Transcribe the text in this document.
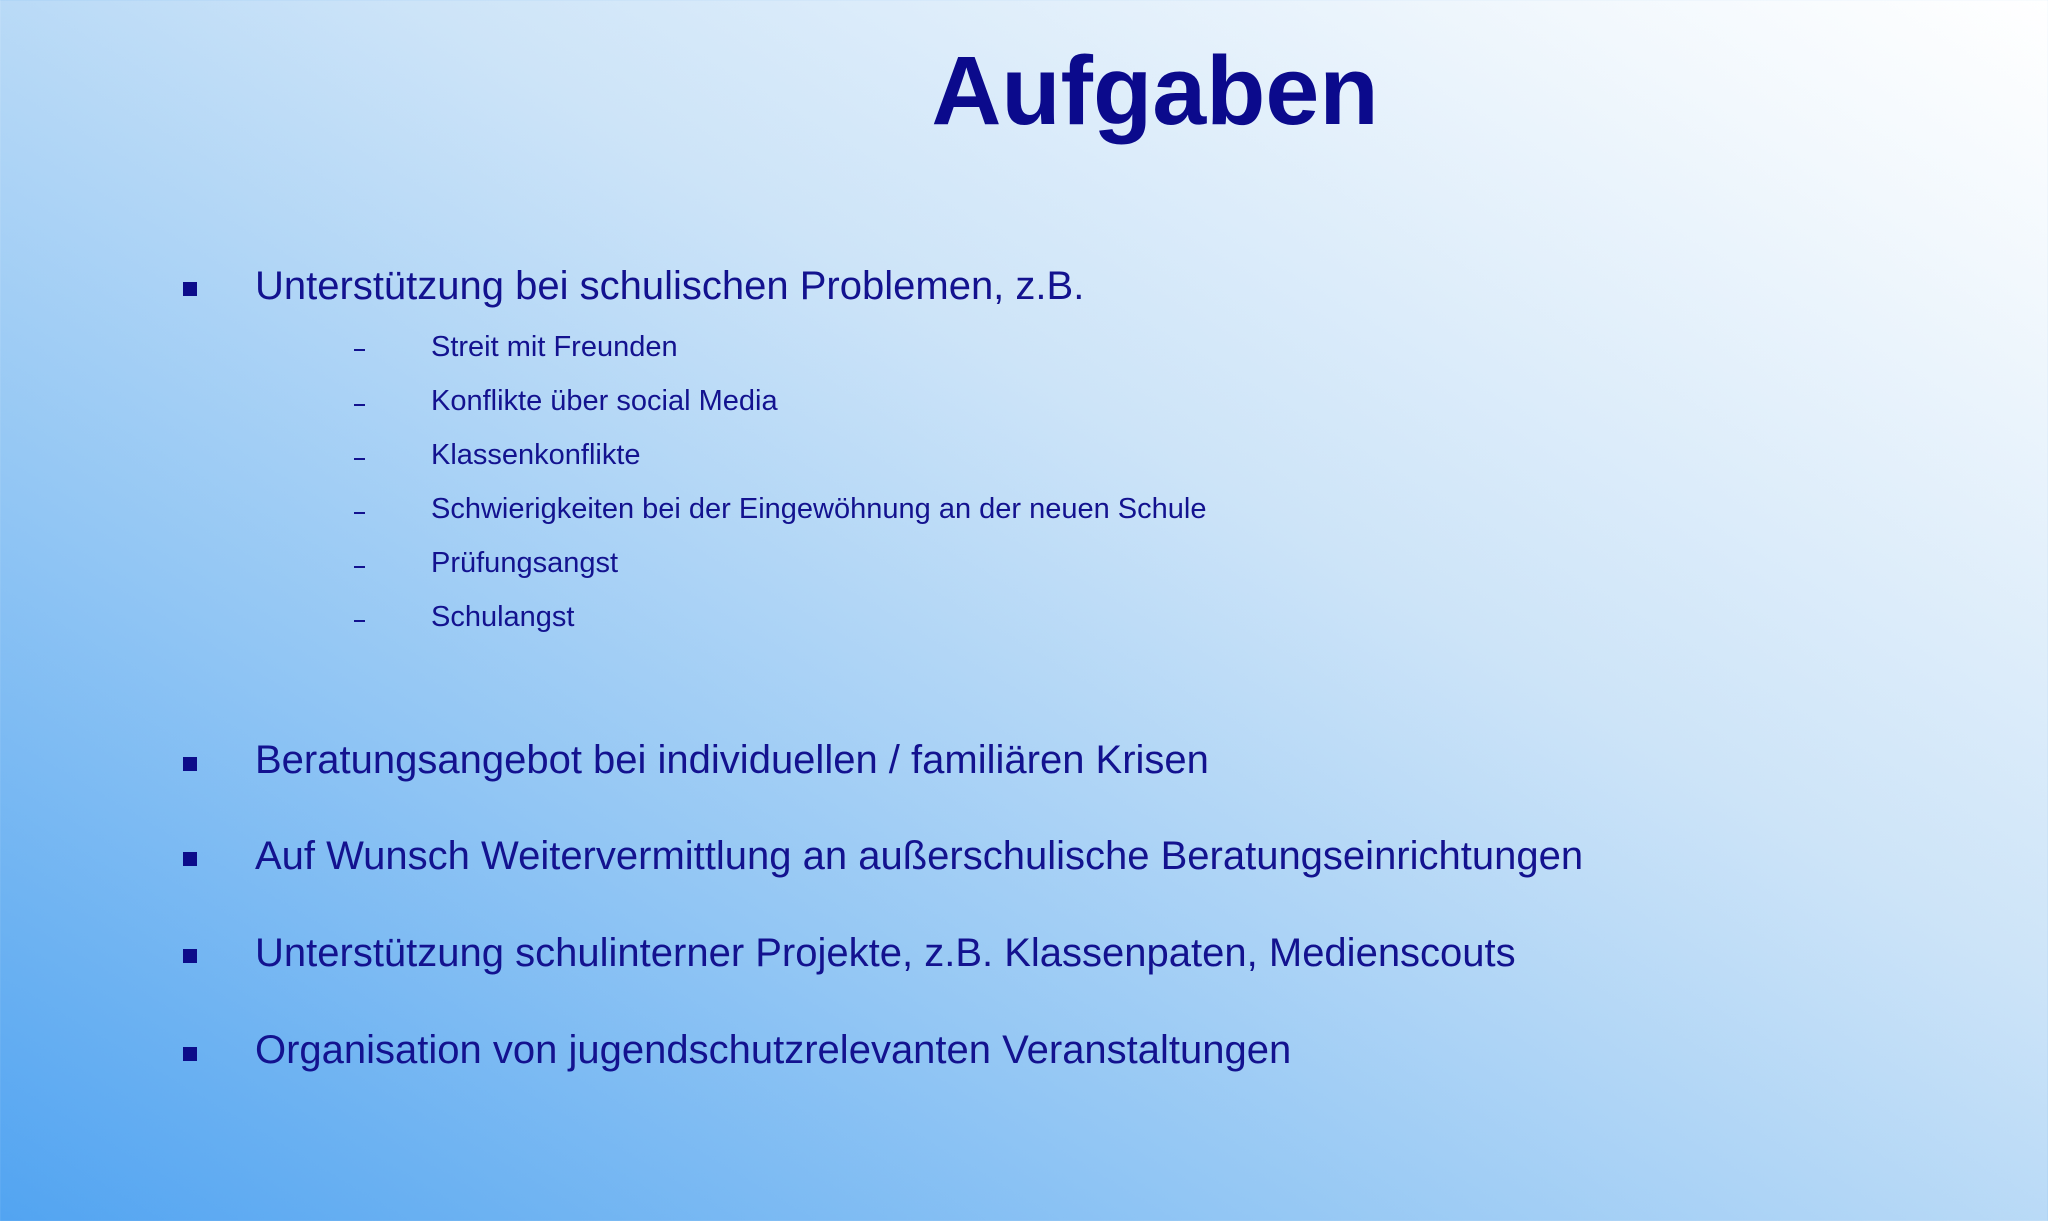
Aufgaben
Unterstützung bei schulischen Problemen, z.B.
Streit mit Freunden
Konflikte über social Media
Klassenkonflikte
Schwierigkeiten bei der Eingewöhnung an der neuen Schule
Prüfungsangst
Schulangst
Beratungsangebot bei individuellen / familiären Krisen
Auf Wunsch Weitervermittlung an außerschulische Beratungseinrichtungen
Unterstützung schulinterner Projekte, z.B. Klassenpaten, Medienscouts
Organisation von jugendschutzrelevanten Veranstaltungen
